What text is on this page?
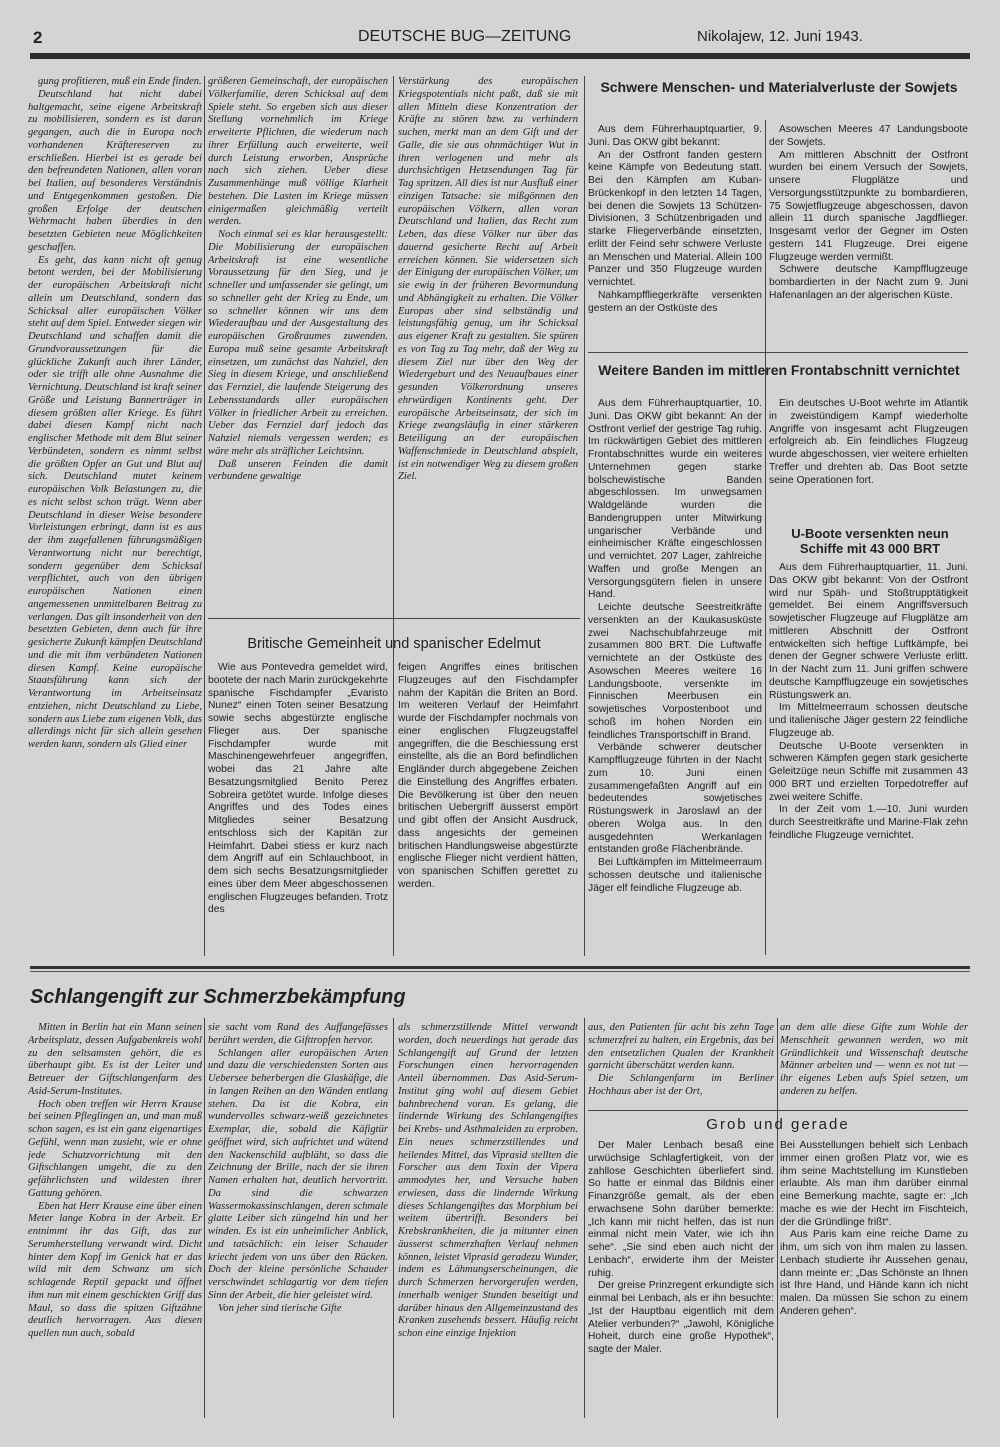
2	DEUTSCHE BUG—ZEITUNG	Nikolajew, 12. Juni 1943.

gung profitieren, muß ein Ende finden.

Deutschland hat nicht dabei haltgemacht, seine eigene Arbeitskraft zu mobilisieren, sondern es ist daran gegangen, auch die in Europa noch vorhandenen Kräftereserven zu erschließen. Hierbei ist es gerade bei den befreundeten Nationen, allen voran bei Italien, auf besonderes Verständnis und Entgegenkommen gestoßen. Die großen Erfolge der deutschen Wehrmacht haben überdies in den besetzten Gebieten neue Möglichkeiten geschaffen.

Es geht, das kann nicht oft genug betont werden, bei der Mobilisierung der europäischen Arbeitskraft nicht allein um Deutschland, sondern das Schicksal aller europäischen Völker steht auf dem Spiel. Entweder siegen wir Deutschland und schaffen damit die Grundvoraussetzungen für die glückliche Zukunft auch ihrer Länder, oder sie trifft alle ohne Ausnahme die Vernichtung. Deutschland ist kraft seiner Größe und Leistung Bannerträger in diesem größten aller Kriege. Es führt dabei diesen Kampf nicht nach englischer Methode mit dem Blut seiner Verbündeten, sondern es nimmt selbst die größten Opfer an Gut und Blut auf sich. Deutschland mutet keinem europäischen Volk Belastungen zu, die es nicht selbst schon trägt. Wenn aber Deutschland in dieser Weise besondere Vorleistungen erbringt, dann ist es aus der ihm zugefallenen führungsmäßigen Verantwortung nicht nur berechtigt, sondern gegenüber dem Schicksal verpflichtet, auch von den übrigen europäischen Nationen einen angemessenen unmittelbaren Beitrag zu verlangen. Das gilt insonderheit von den besetzten Gebieten, denn auch für ihre gesicherte Zukunft kämpfen Deutschland und die mit ihm verbündeten Nationen diesen Kampf. Keine europäische Staatsführung kann sich der Verantwortung im Arbeitseinsatz entziehen, nicht Deutschland zu Liebe, sondern aus Liebe zum eigenen Volk, das allerdings nicht für sich allein gesehen werden kann, sondern als Glied einer

größeren Gemeinschaft, der europäischen Völkerfamilie, deren Schicksal auf dem Spiele steht. So ergeben sich aus dieser Stellung vornehmlich im Kriege erweiterte Pflichten, die wiederum nach ihrer Erfüllung auch erweiterte, weil durch Leistung erworben, Ansprüche nach sich ziehen. Ueber diese Zusammenhänge muß völlige Klarheit bestehen. Die Lasten im Kriege müssen einigermaßen gleichmäßig verteilt werden.

Noch einmal sei es klar herausgestellt: Die Mobilisierung der europäischen Arbeitskraft ist eine wesentliche Voraussetzung für den Sieg, und je schneller und umfassender sie gelingt, um so schneller geht der Krieg zu Ende, um so schneller können wir uns dem Wiederaufbau und der Ausgestaltung des europäischen Großraumes zuwenden. Europa muß seine gesamte Arbeitskraft einsetzen, um zunächst das Nahziel, den Sieg in diesem Kriege, und anschließend das Fernziel, die laufende Steigerung des Lebensstandards aller europäischen Völker in friedlicher Arbeit zu erreichen. Ueber das Fernziel darf jedoch das Nahziel niemals vergessen werden; es wäre mehr als sträflicher Leichtsinn.

Daß unseren Feinden die damit verbundene gewaltige

Verstärkung des europäischen Kriegspotentials nicht paßt, daß sie mit allen Mitteln diese Konzentration der Kräfte zu stören bzw. zu verhindern suchen, merkt man an dem Gift und der Galle, die sie aus ohnmächtiger Wut in ihren verlogenen und mehr als durchsichtigen Hetzsendungen Tag für Tag spritzen. All dies ist nur Ausfluß einer einzigen Tatsache: sie mißgönnen den europäischen Völkern, allen voran Deutschland und Italien, das Recht zum Leben, das diese Völker nur über das dauernd gesicherte Recht auf Arbeit erreichen können. Sie widersetzen sich der Einigung der europäischen Völker, um sie ewig in der früheren Bevormundung und Abhängigkeit zu erhalten. Die Völker Europas aber sind selbständig und leistungsfähig genug, um ihr Schicksal aus eigener Kraft zu gestalten. Sie spüren es von Tag zu Tag mehr, daß der Weg zu diesem Ziel nur über den Weg der Wiedergeburt und des Neuaufbaues einer gesunden Völkerordnung unseres ehrwürdigen Kontinents geht. Der europäische Arbeitseinsatz, der sich im Kriege zwangsläufig in einer stärkeren Beteiligung an der europäischen Waffenschmiede in Deutschland abspielt, ist ein notwendiger Weg zu diesem großen Ziel.

Britische Gemeinheit und spanischer Edelmut

Wie aus Pontevedra gemeldet wird, bootete der nach Marin zurückgekehrte spanische Fischdampfer „Evaristo Nunez“ einen Toten seiner Besatzung sowie sechs abgestürzte englische Flieger aus. Der spanische Fischdampfer wurde mit Maschinengewehrfeuer angegriffen, wobei das 21 Jahre alte Besatzungsmitglied Benito Perez Sobreira getötet wurde. Infolge dieses Angriffes und des Todes eines Mitgliedes seiner Besatzung entschloss sich der Kapitän zur Heimfahrt. Dabei stiess er kurz nach dem Angriff auf ein Schlauchboot, in dem sich sechs Besatzungsmitglieder eines über dem Meer abgeschossenen englischen Flugzeuges befanden. Trotz des

feigen Angriffes eines britischen Flugzeuges auf den Fischdampfer nahm der Kapitän die Briten an Bord. Im weiteren Verlauf der Heimfahrt wurde der Fischdampfer nochmals von einer englischen Flugzeugstaffel angegriffen, die die Beschiessung erst einstellte, als die an Bord befindlichen Engländer durch abgegebene Zeichen die Einstellung des Angriffes erbaten. Die Bevölkerung ist über den neuen britischen Uebergriff äusserst empört und gibt offen der Ansicht Ausdruck, dass angesichts der gemeinen britischen Handlungsweise abgestürzte englische Flieger nicht verdient hätten, von spanischen Schiffen gerettet zu werden.

Schwere Menschen- und Materialverluste der Sowjets

Aus dem Führerhauptquartier, 9. Juni. Das OKW gibt bekannt:

An der Ostfront fanden gestern keine Kämpfe von Bedeutung statt. Bei den Kämpfen am Kuban-Brückenkopf in den letzten 14 Tagen, bei denen die Sowjets 13 Schützen-Divisionen, 3 Schützenbrigaden und starke Fliegerverbände einsetzten, erlitt der Feind sehr schwere Verluste an Menschen und Material. Allein 100 Panzer und 350 Flugzeuge wurden vernichtet.

Nahkampffliegerkräfte versenkten gestern an der Ostküste des

Asowschen Meeres 47 Landungsboote der Sowjets.

Am mittleren Abschnitt der Ostfront wurden bei einem Versuch der Sowjets, unsere Flugplätze und Versorgungsstützpunkte zu bombardieren, 75 Sowjetflugzeuge abgeschossen, davon allein 11 durch spanische Jagdflieger. Insgesamt verlor der Gegner im Osten gestern 141 Flugzeuge. Drei eigene Flugzeuge werden vermißt.

Schwere deutsche Kampfflugzeuge bombardierten in der Nacht zum 9. Juni Hafenanlagen an der algerischen Küste.

Weitere Banden im mittleren Frontabschnitt vernichtet

Aus dem Führerhauptquartier, 10. Juni. Das OKW gibt bekannt: An der Ostfront verlief der gestrige Tag ruhig. Im rückwärtigen Gebiet des mittleren Frontabschnittes wurde ein weiteres Unternehmen gegen starke bolschewistische Banden abgeschlossen. Im unwegsamen Waldgelände wurden die Bandengruppen unter Mitwirkung ungarischer Verbände und einheimischer Kräfte eingeschlossen und vernichtet. 207 Lager, zahlreiche Waffen und große Mengen an Versorgungsgütern fielen in unsere Hand.

Leichte deutsche Seestreitkräfte versenkten an der Kaukasusküste zwei Nachschubfahrzeuge mit zusammen 800 BRT. Die Luftwaffe vernichtete an der Ostküste des Asowschen Meeres weitere 16 Landungsboote, versenkte im Finnischen Meerbusen ein sowjetisches Vorpostenboot und schoß im hohen Norden ein feindliches Transportschiff in Brand.

Verbände schwerer deutscher Kampfflugzeuge führten in der Nacht zum 10. Juni einen zusammengefaßten Angriff auf ein bedeutendes sowjetisches Rüstungswerk in Jaroslawl an der oberen Wolga aus. In den ausgedehnten Werkanlagen entstanden große Flächenbrände.

Bei Luftkämpfen im Mittelmeerraum schossen deutsche und italienische Jäger elf feindliche Flugzeuge ab.

Ein deutsches U-Boot wehrte im Atlantik in zweistündigem Kampf wiederholte Angriffe von insgesamt acht Flugzeugen erfolgreich ab. Ein feindliches Flugzeug wurde abgeschossen, vier weitere erhielten Treffer und drehten ab. Das Boot setzte seine Operationen fort.

U-Boote versenkten neun Schiffe mit 43 000 BRT

Aus dem Führerhauptquartier, 11. Juni. Das OKW gibt bekannt: Von der Ostfront wird nur Späh- und Stoßtrupptätigkeit gemeldet. Bei einem Angriffsversuch sowjetischer Flugzeuge auf Flugplätze am mittleren Abschnitt der Ostfront entwickelten sich heftige Luftkämpfe, bei denen der Gegner schwere Verluste erlitt. In der Nacht zum 11. Juni griffen schwere deutsche Kampfflugzeuge ein sowjetisches Rüstungswerk an.

Im Mittelmeerraum schossen deutsche und italienische Jäger gestern 22 feindliche Flugzeuge ab.

Deutsche U-Boote versenkten in schweren Kämpfen gegen stark gesicherte Geleitzüge neun Schiffe mit zusammen 43 000 BRT und erzielten Torpedotreffer auf zwei weitere Schiffe.

In der Zeit vom 1.—10. Juni wurden durch Seestreitkräfte und Marine-Flak zehn feindliche Flugzeuge vernichtet.

Schlangengift zur Schmerzbekämpfung

Mitten in Berlin hat ein Mann seinen Arbeitsplatz, dessen Aufgabenkreis wohl zu den seltsamsten gehört, die es überhaupt gibt. Es ist der Leiter und Betreuer der Giftschlangenfarm des Asid-Serum-Institutes.

Hoch oben treffen wir Herrn Krause bei seinen Pfleglingen an, und man muß schon sagen, es ist ein ganz eigenartiges Gefühl, wenn man zusieht, wie er ohne jede Schutzvorrichtung mit den Giftschlangen umgeht, die zu den gefährlichsten und wildesten ihrer Gattung gehören.

Eben hat Herr Krause eine über einen Meter lange Kobra in der Arbeit. Er entnimmt ihr das Gift, das zur Serumherstellung verwandt wird. Dicht hinter dem Kopf im Genick hat er das wild mit dem Schwanz um sich schlagende Reptil gepackt und öffnet ihm nun mit einem geschickten Griff das Maul, so dass die spitzen Giftzähne deutlich hervorragen. Aus diesen quellen nun auch, sobald

sie sacht vom Rand des Auffangefässes berührt werden, die Gifttropfen hervor.

Schlangen aller europäischen Arten und dazu die verschiedensten Sorten aus Uebersee beherbergen die Glaskäfige, die in langen Reihen an den Wänden entlang stehen. Da ist die Kobra, ein wundervolles schwarz-weiß gezeichnetes Exemplar, die, sobald die Käfigtür geöffnet wird, sich aufrichtet und wütend den Nackenschild aufbläht, so dass die Zeichnung der Brille, nach der sie ihren Namen erhalten hat, deutlich hervortritt. Da sind die schwarzen Wassermokassinschlangen, deren schmale glatte Leiber sich züngelnd hin und her winden. Es ist ein unheimlicher Anblick, und tatsächlich: ein leiser Schauder kriecht jedem von uns über den Rücken. Doch der kleine persönliche Schauder verschwindet schlagartig vor dem tiefen Sinn der Arbeit, die hier geleistet wird.

Von jeher sind tierische Gifte

als schmerzstillende Mittel verwandt worden, doch neuerdings hat gerade das Schlangengift auf Grund der letzten Forschungen einen hervorragenden Anteil übernommen. Das Asid-Serum-Institut ging wohl auf diesem Gebiet bahnbrechend voran. Es gelang, die lindernde Wirkung des Schlangengiftes bei Krebs- und Asthmaleiden zu erproben. Ein neues schmerzstillendes und heilendes Mittel, das Viprasid stellten die Forscher aus dem Toxin der Vipera ammodytes her, und Versuche haben erwiesen, dass die lindernde Wirkung dieses Schlangengiftes das Morphium bei weitem übertrifft. Besonders bei Krebskrankheiten, die ja mitunter einen äusserst schmerzhaften Verlauf nehmen können, leistet Viprasid geradezu Wunder, indem es Lähmungserscheinungen, die durch Schmerzen hervorgerufen werden, innerhalb weniger Stunden beseitigt und darüber hinaus den Allgemeinzustand des Kranken zusehends bessert. Häufig reicht schon eine einzige Injektion

aus, den Patienten für acht bis zehn Tage schmerzfrei zu halten, ein Ergebnis, das bei den entsetzlichen Qualen der Krankheit garnicht überschätzt werden kann.

Die Schlangenfarm im Berliner Hochhaus aber ist der Ort,

an dem alle diese Gifte zum Wohle der Menschheit gewonnen werden, wo mit Gründlichkeit und Wissenschaft deutsche Männer arbeiten und — wenn es not tut — ihr eigenes Leben aufs Spiel setzen, um anderen zu helfen.

Grob und gerade

Der Maler Lenbach besaß eine urwüchsige Schlagfertigkeit, von der zahllose Geschichten überliefert sind. So hatte er einmal das Bildnis einer Finanzgröße gemalt, als der eben erwachsene Sohn darüber bemerkte: „Ich kann mir nicht helfen, das ist nun einmal nicht mein Vater, wie ich ihn sehe“. „Sie sind eben auch nicht der Lenbach“, erwiderte ihm der Meister ruhig.

Der greise Prinzregent erkundigte sich einmal bei Lenbach, als er ihn besuchte: „Ist der Hauptbau eigentlich mit dem Atelier verbunden?“ „Jawohl, Königliche Hoheit, durch eine große Hypothek“, sagte der Maler.

Bei Ausstellungen behielt sich Lenbach immer einen großen Platz vor, wie es ihm seine Machtstellung im Kunstleben erlaubte. Als man ihm darüber einmal eine Bemerkung machte, sagte er: „Ich mache es wie der Hecht im Fischteich, der die Gründlinge frißt“.

Aus Paris kam eine reiche Dame zu ihm, um sich von ihm malen zu lassen. Lenbach studierte ihr Aussehen genau, dann meinte er: „Das Schönste an Ihnen ist Ihre Hand, und Hände kann ich nicht malen. Da müssen Sie schon zu einem Anderen gehen“.
